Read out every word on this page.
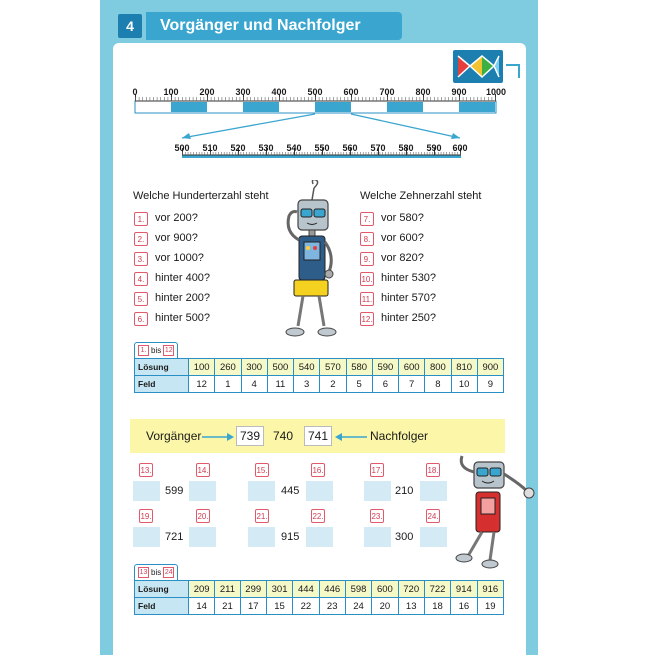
4	Vorgänger und Nachfolger
0	100 200 300 400 500 600 700 800 900 1000
500 510 520 530 540 550 560 570 580 590 600
Welche Hunderterzahl steht	Welche Zehnerzahl steht
1. vor 200?
2. vor 900?
3. vor 1000?
4. hinter 400?
5. hinter 200?
6. hinter 500?
7. vor 580?
8. vor 600?
9. vor 820?
10. hinter 530?
11. hinter 570?
12. hinter 250?
1. bis 12
Lösung	100	260	300	500	540	570	580	590	600	800	810	900
Feld	12	1	4	11	3	2	5	6	7	8	10	9
Vorgänger	739	740	741	Nachfolger
13.	14.
599
15.	16.
445
17.	18.
210
19.	20.
721
21.	22.
915
23.	24.
300
13 bis 24
Lösung	209	211	299	301	444	446	598	600	720	722	914	916
Feld	14	21	17	15	22	23	24	20	13	18	16	19
